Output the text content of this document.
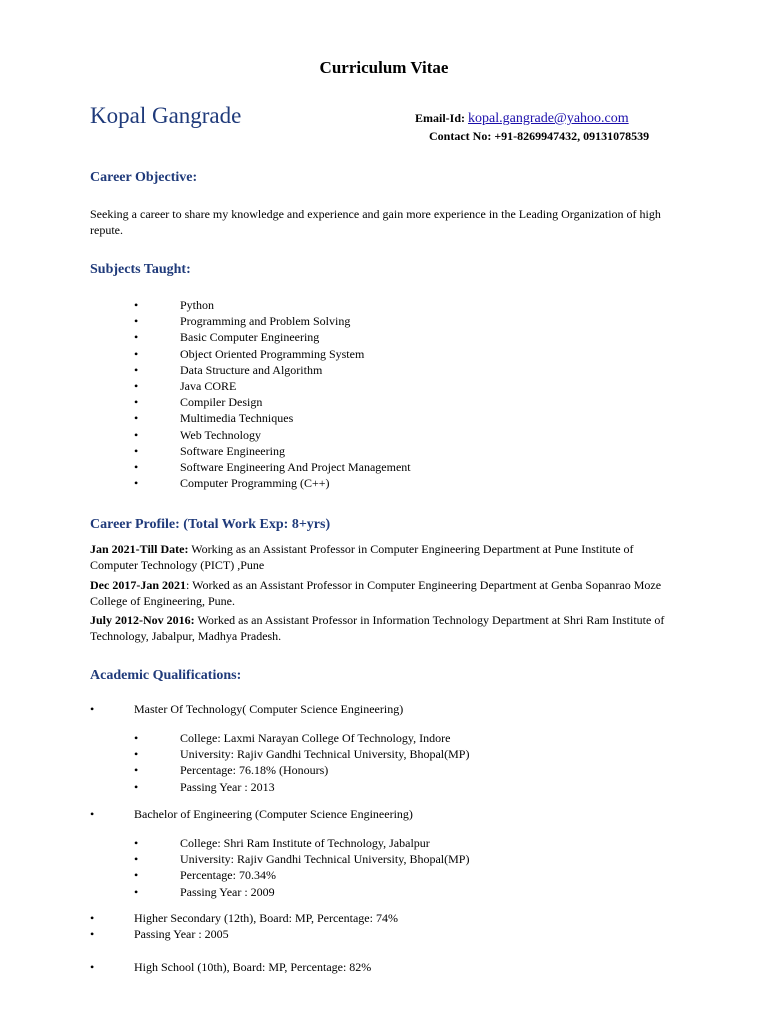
Curriculum Vitae
Kopal Gangrade	Email-Id: kopal.gangrade@yahoo.com
Contact No: +91-8269947432, 09131078539
Career Objective:
Seeking a career to share my knowledge and experience and gain more experience in the Leading Organization of high repute.
Subjects Taught:
•	Python
•	Programming and Problem Solving
•	Basic Computer Engineering
•	Object Oriented Programming System
•	Data Structure and Algorithm
•	Java CORE
•	Compiler Design
•	Multimedia Techniques
•	Web Technology
•	Software Engineering
•	Software Engineering And Project Management
•	Computer Programming (C++)
Career Profile: (Total Work Exp: 8+yrs)
Jan 2021-Till Date: Working as an Assistant Professor in Computer Engineering Department at Pune Institute of Computer Technology (PICT) ,Pune
Dec 2017-Jan 2021: Worked as an Assistant Professor in Computer Engineering Department at Genba Sopanrao Moze College of Engineering, Pune.
July 2012-Nov 2016: Worked as an Assistant Professor in Information Technology Department at Shri Ram Institute of Technology, Jabalpur, Madhya Pradesh.
Academic Qualifications:
•	Master Of Technology( Computer Science Engineering)
•	College: Laxmi Narayan College Of Technology, Indore
•	University: Rajiv Gandhi Technical University, Bhopal(MP)
•	Percentage: 76.18% (Honours)
•	Passing Year : 2013
•	Bachelor of Engineering (Computer Science Engineering)
•	College: Shri Ram Institute of Technology, Jabalpur
•	University: Rajiv Gandhi Technical University, Bhopal(MP)
•	Percentage: 70.34%
•	Passing Year : 2009
•	Higher Secondary (12th), Board: MP, Percentage: 74%
•	Passing Year : 2005
•	High School (10th), Board: MP, Percentage: 82%
